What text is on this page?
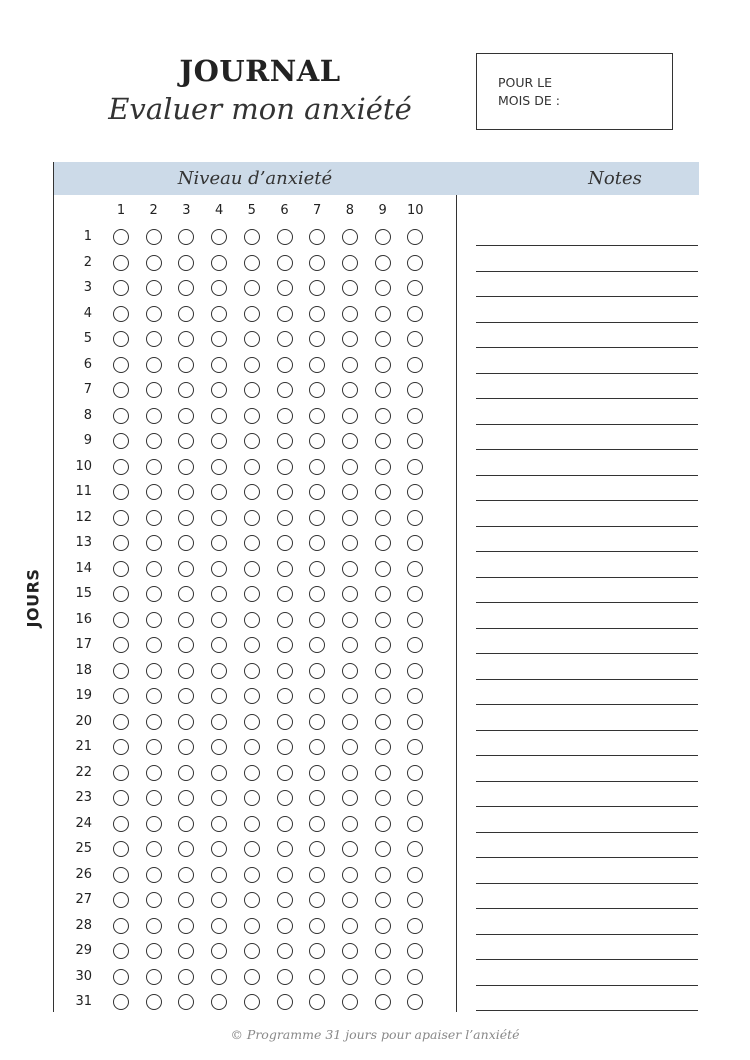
JOURNAL
Evaluer mon anxiété
POUR LE
MOIS DE :
Niveau d’anxieté	Notes
JOURS
1	2	3	4	5	6	7	8	9	10
1
2
3
4
5
6
7
8
9
10
11
12
13
14
15
16
17
18
19
20
21
22
23
24
25
26
27
28
29
30
31
© Programme 31 jours pour apaiser l’anxiété
